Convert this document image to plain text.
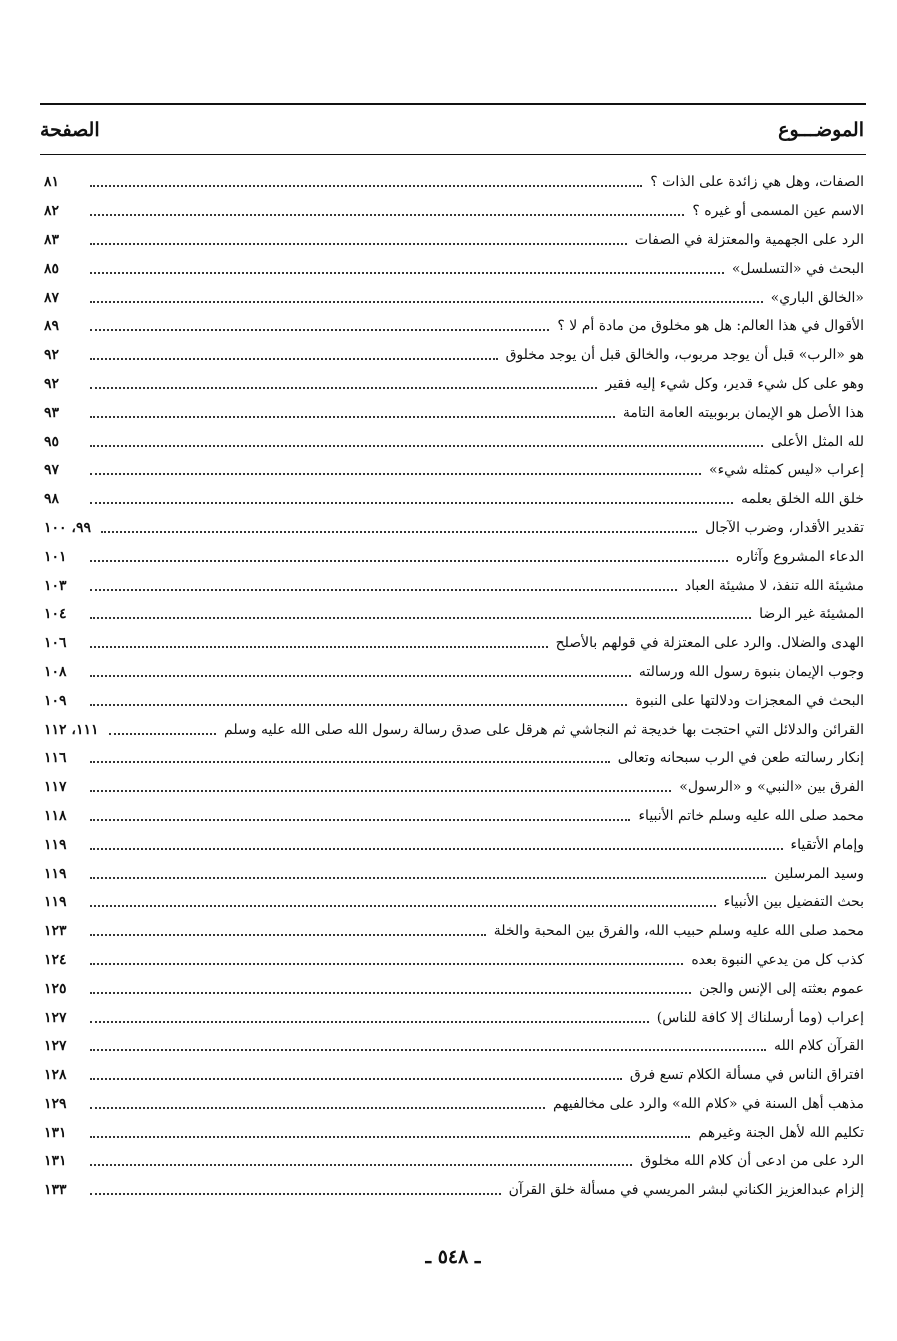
الموضـــوع
الصفحة
الصفات، وهل هي زائدة على الذات ؟
٨١
الاسم عين المسمى أو غيره ؟
٨٢
الرد على الجهمية والمعتزلة في الصفات
٨٣
البحث في «التسلسل»
٨٥
«الخالق الباري»
٨٧
الأقوال في هذا العالم: هل هو مخلوق من مادة أم لا ؟
٨٩
هو «الرب» قبل أن يوجد مربوب، والخالق قبل أن يوجد مخلوق
٩٢
وهو على كل شيء قدير، وكل شيء إليه فقير
٩٢
هذا الأصل هو الإيمان بربوبيته العامة التامة
٩٣
لله المثل الأعلى
٩٥
إعراب «ليس كمثله شيء»
٩٧
خلق الله الخلق بعلمه
٩٨
تقدير الأقدار، وضرب الآجال
٩٩، ١٠٠
الدعاء المشروع وآثاره
١٠١
مشيئة الله تنفذ، لا مشيئة العباد
١٠٣
المشيئة غير الرضا
١٠٤
الهدى والضلال. والرد على المعتزلة في قولهم بالأصلح
١٠٦
وجوب الإيمان بنبوة رسول الله ورسالته
١٠٨
البحث في المعجزات ودلالتها على النبوة
١٠٩
القرائن والدلائل التي احتجت بها خديجة ثم النجاشي ثم هرقل على صدق رسالة رسول الله صلى الله عليه وسلم
١١١، ١١٢
إنكار رسالته طعن في الرب سبحانه وتعالى
١١٦
الفرق بين «النبي» و «الرسول»
١١٧
محمد صلى الله عليه وسلم خاتم الأنبياء
١١٨
وإمام الأتقياء
١١٩
وسيد المرسلين
١١٩
بحث التفضيل بين الأنبياء
١١٩
محمد صلى الله عليه وسلم حبيب الله، والفرق بين المحبة والخلة
١٢٣
كذب كل من يدعي النبوة بعده
١٢٤
عموم بعثته إلى الإنس والجن
١٢٥
إعراب (وما أرسلناك إلا كافة للناس)
١٢٧
القرآن كلام الله
١٢٧
افتراق الناس في مسألة الكلام تسع فرق
١٢٨
مذهب أهل السنة في «كلام الله» والرد على مخالفيهم
١٢٩
تكليم الله لأهل الجنة وغيرهم
١٣١
الرد على من ادعى أن كلام الله مخلوق
١٣١
إلزام عبدالعزيز الكناني لبشر المريسي في مسألة خلق القرآن
١٣٣
ـ ٥٤٨ ـ
